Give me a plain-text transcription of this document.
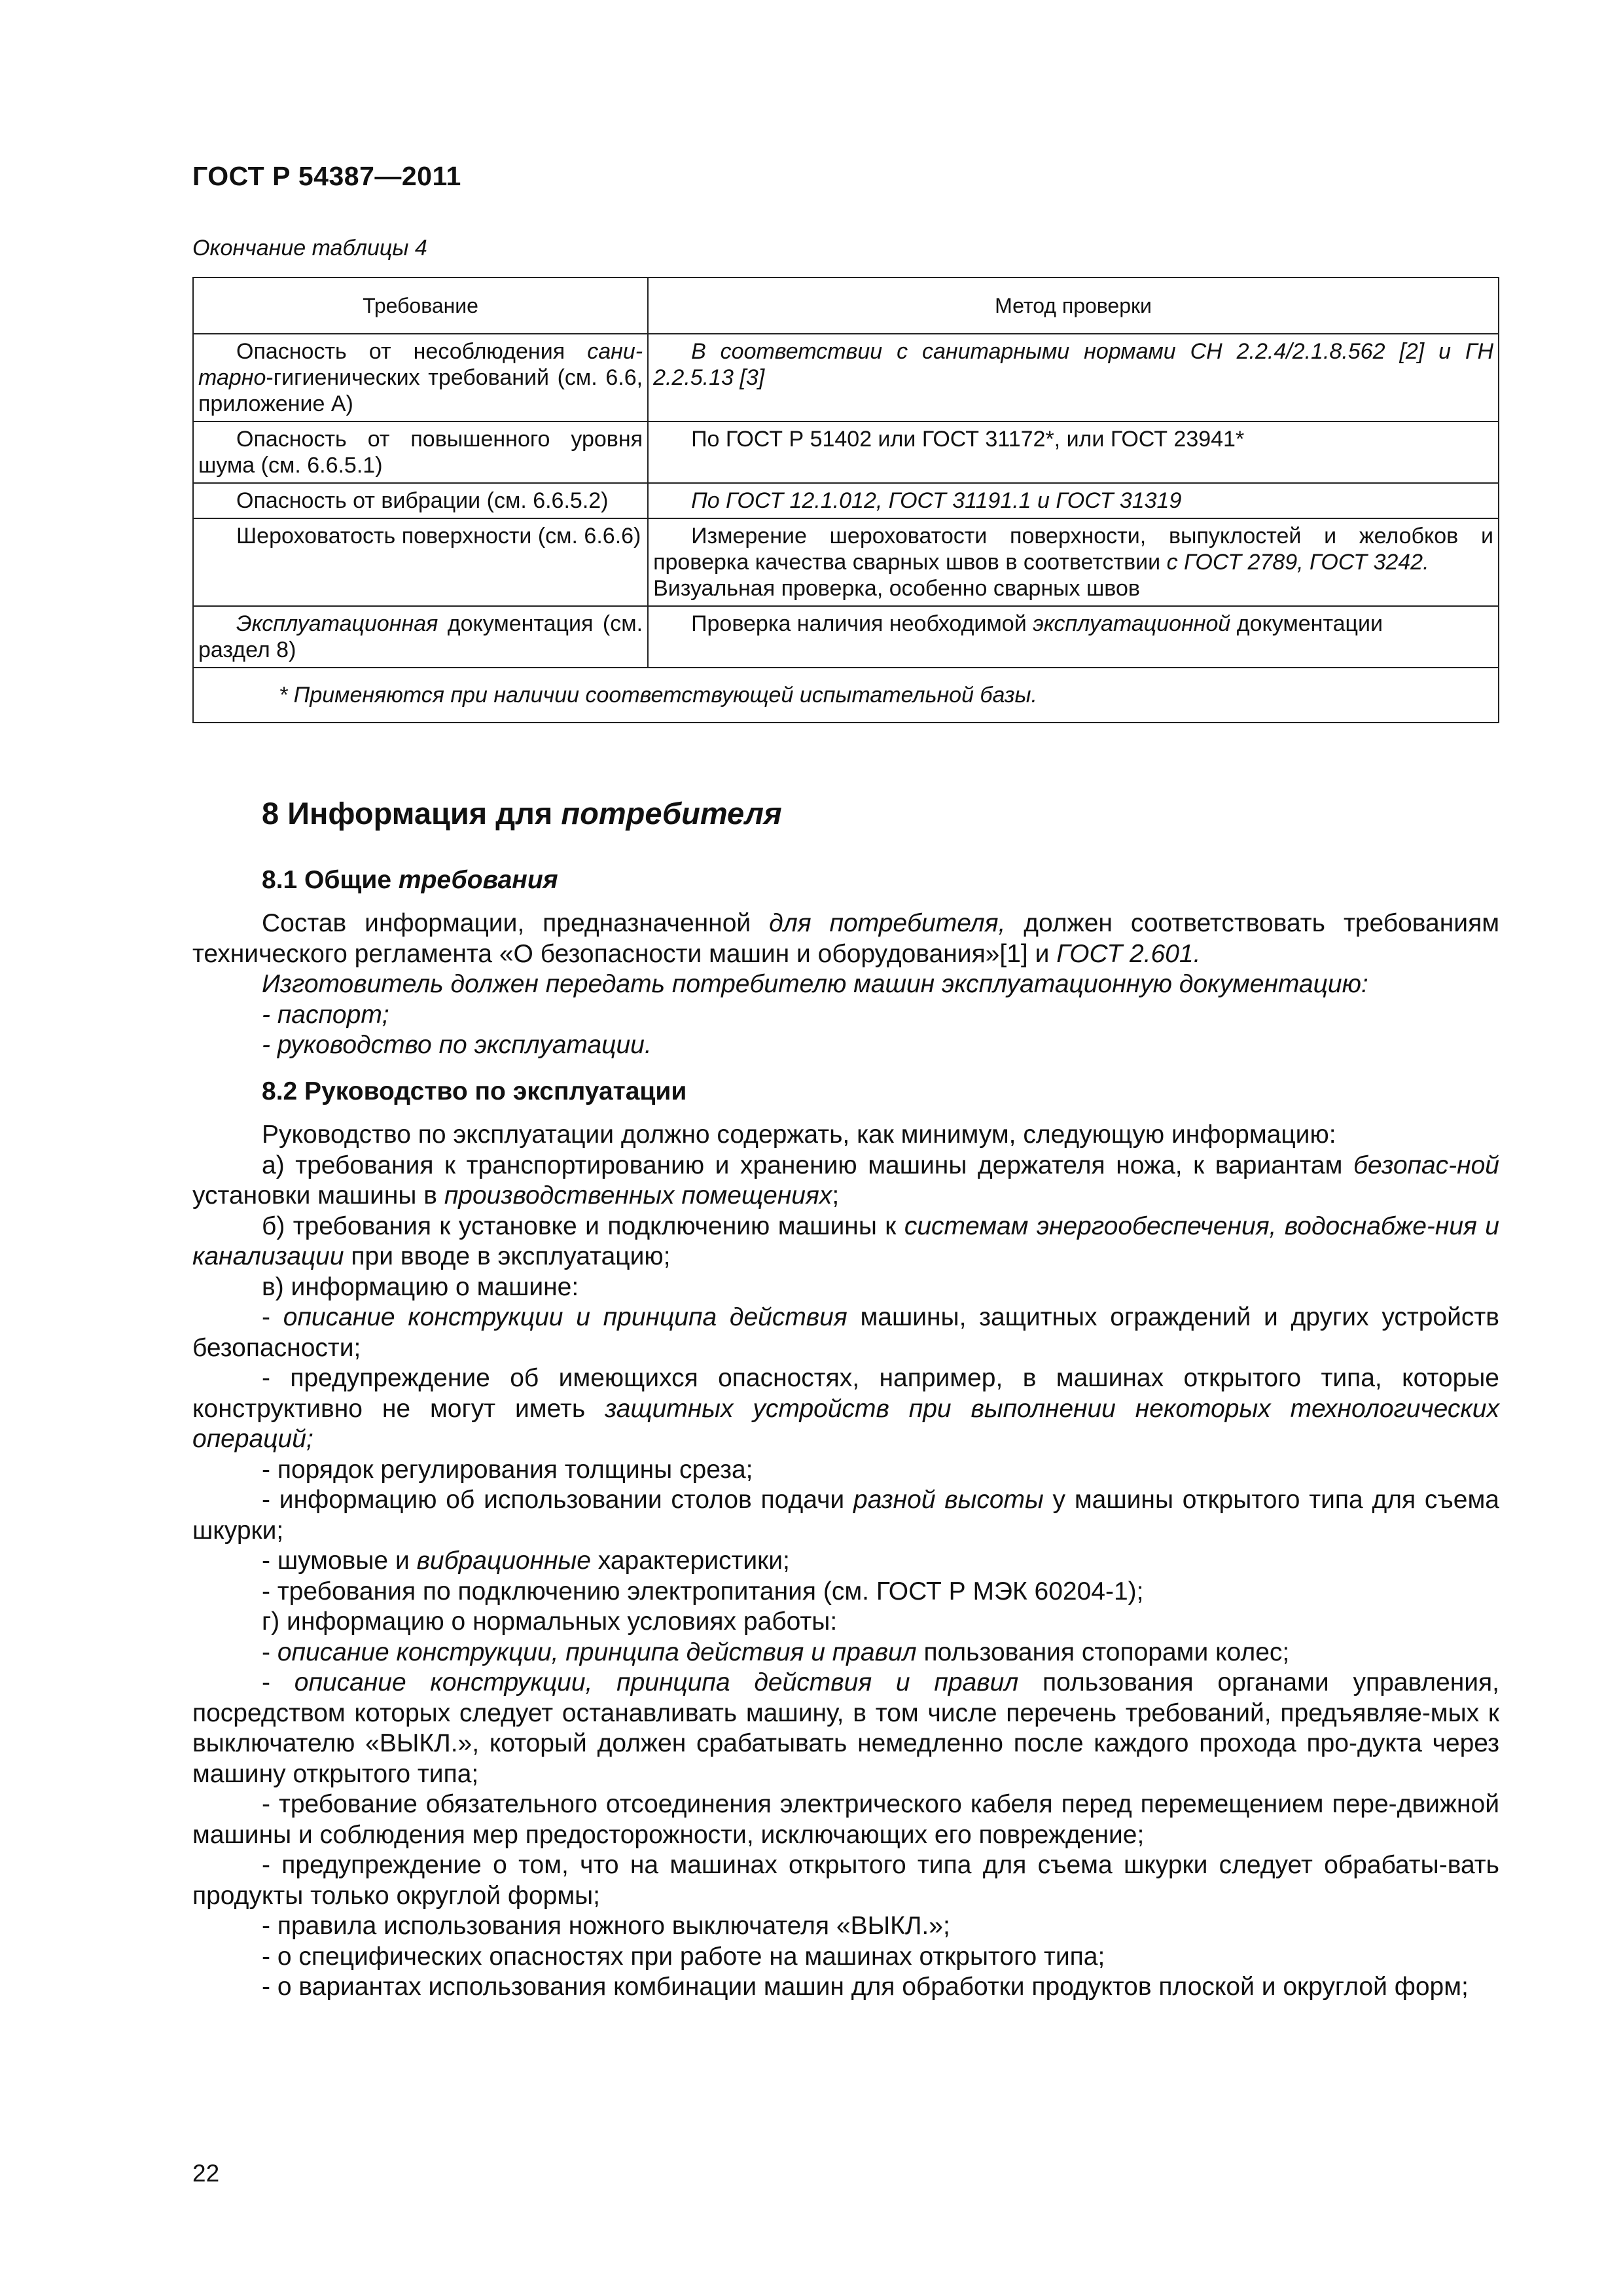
ГОСТ Р 54387—2011
Окончание таблицы 4
Требование	Метод проверки
Опасность от несоблюдения сани-тарно-гигиенических требований (см. 6.6, приложение А)	В соответствии с санитарными нормами СН 2.2.4/2.1.8.562 [2] и ГН 2.2.5.13 [3]
Опасность от повышенного уровня шума (см. 6.6.5.1)	По ГОСТ Р 51402 или ГОСТ 31172*, или ГОСТ 23941*
Опасность от вибрации (см. 6.6.5.2)	По ГОСТ 12.1.012, ГОСТ 31191.1 и ГОСТ 31319
Шероховатость поверхности (см. 6.6.6)	Измерение шероховатости поверхности, выпуклостей и желобков и проверка качества сварных швов в соответствии с ГОСТ 2789, ГОСТ 3242.
Визуальная проверка, особенно сварных швов
Эксплуатационная документация (см. раздел 8)	Проверка наличия необходимой эксплуатационной документации
* Применяются при наличии соответствующей испытательной базы.	
8 Информация для потребителя
8.1 Общие требования

Состав информации, предназначенной для потребителя, должен соответствовать требованиям технического регламента «О безопасности машин и оборудования»[1] и ГОСТ 2.601.

Изготовитель должен передать потребителю машин эксплуатационную документацию:

- паспорт;

- руководство по эксплуатации.

8.2 Руководство по эксплуатации

Руководство по эксплуатации должно содержать, как минимум, следующую информацию:

а) требования к транспортированию и хранению машины держателя ножа, к вариантам безопас-ной установки машины в производственных помещениях;

б) требования к установке и подключению машины к системам энергообеспечения, водоснабже-ния и канализации при вводе в эксплуатацию;

в) информацию о машине:

- описание конструкции и принципа действия машины, защитных ограждений и других устройств безопасности;

- предупреждение об имеющихся опасностях, например, в машинах открытого типа, которые конструктивно не могут иметь защитных устройств при выполнении некоторых технологических операций;

- порядок регулирования толщины среза;

- информацию об использовании столов подачи разной высоты у машины открытого типа для съема шкурки;

- шумовые и вибрационные характеристики;

- требования по подключению электропитания (см. ГОСТ Р МЭК 60204-1);

г) информацию о нормальных условиях работы:

- описание конструкции, принципа действия и правил пользования стопорами колес;

- описание конструкции, принципа действия и правил пользования органами управления, посредством которых следует останавливать машину, в том числе перечень требований, предъявляе-мых к выключателю «ВЫКЛ.», который должен срабатывать немедленно после каждого прохода про-дукта через машину открытого типа;

- требование обязательного отсоединения электрического кабеля перед перемещением пере-движной машины и соблюдения мер предосторожности, исключающих его повреждение;

- предупреждение о том, что на машинах открытого типа для съема шкурки следует обрабаты-вать продукты только округлой формы;

- правила использования ножного выключателя «ВЫКЛ.»;

- о специфических опасностях при работе на машинах открытого типа;

- о вариантах использования комбинации машин для обработки продуктов плоской и округлой форм;

22
